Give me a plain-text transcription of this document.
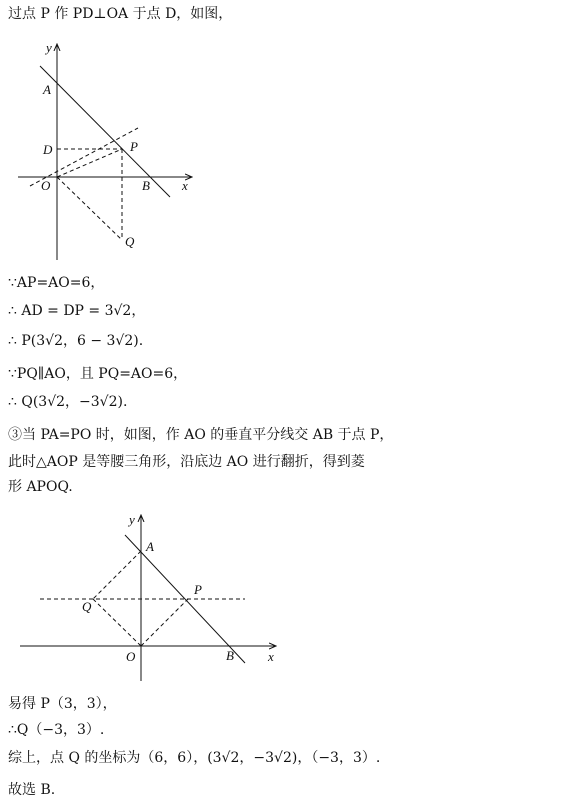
过点 P 作 PD⊥OA 于点 D，如图，
∵AP=AO=6，
∴ AD = DP = 3√2，
∴ P(3√2，6 − 3√2).
∵PQ∥AO，且 PQ=AO=6，
∴ Q(3√2，−3√2).
③当 PA=PO 时，如图，作 AO 的垂直平分线交 AB 于点 P，
此时△AOP 是等腰三角形，沿底边 AO 进行翻折，得到菱
形 APOQ.
y
x
A
D	P
O	B
Q
y
x
A
P
Q
O	B
易得 P（3，3），
∴Q（−3，3）.
综上，点 Q 的坐标为（6，6），(3√2，−3√2)，（−3，3）.
故选 B.
